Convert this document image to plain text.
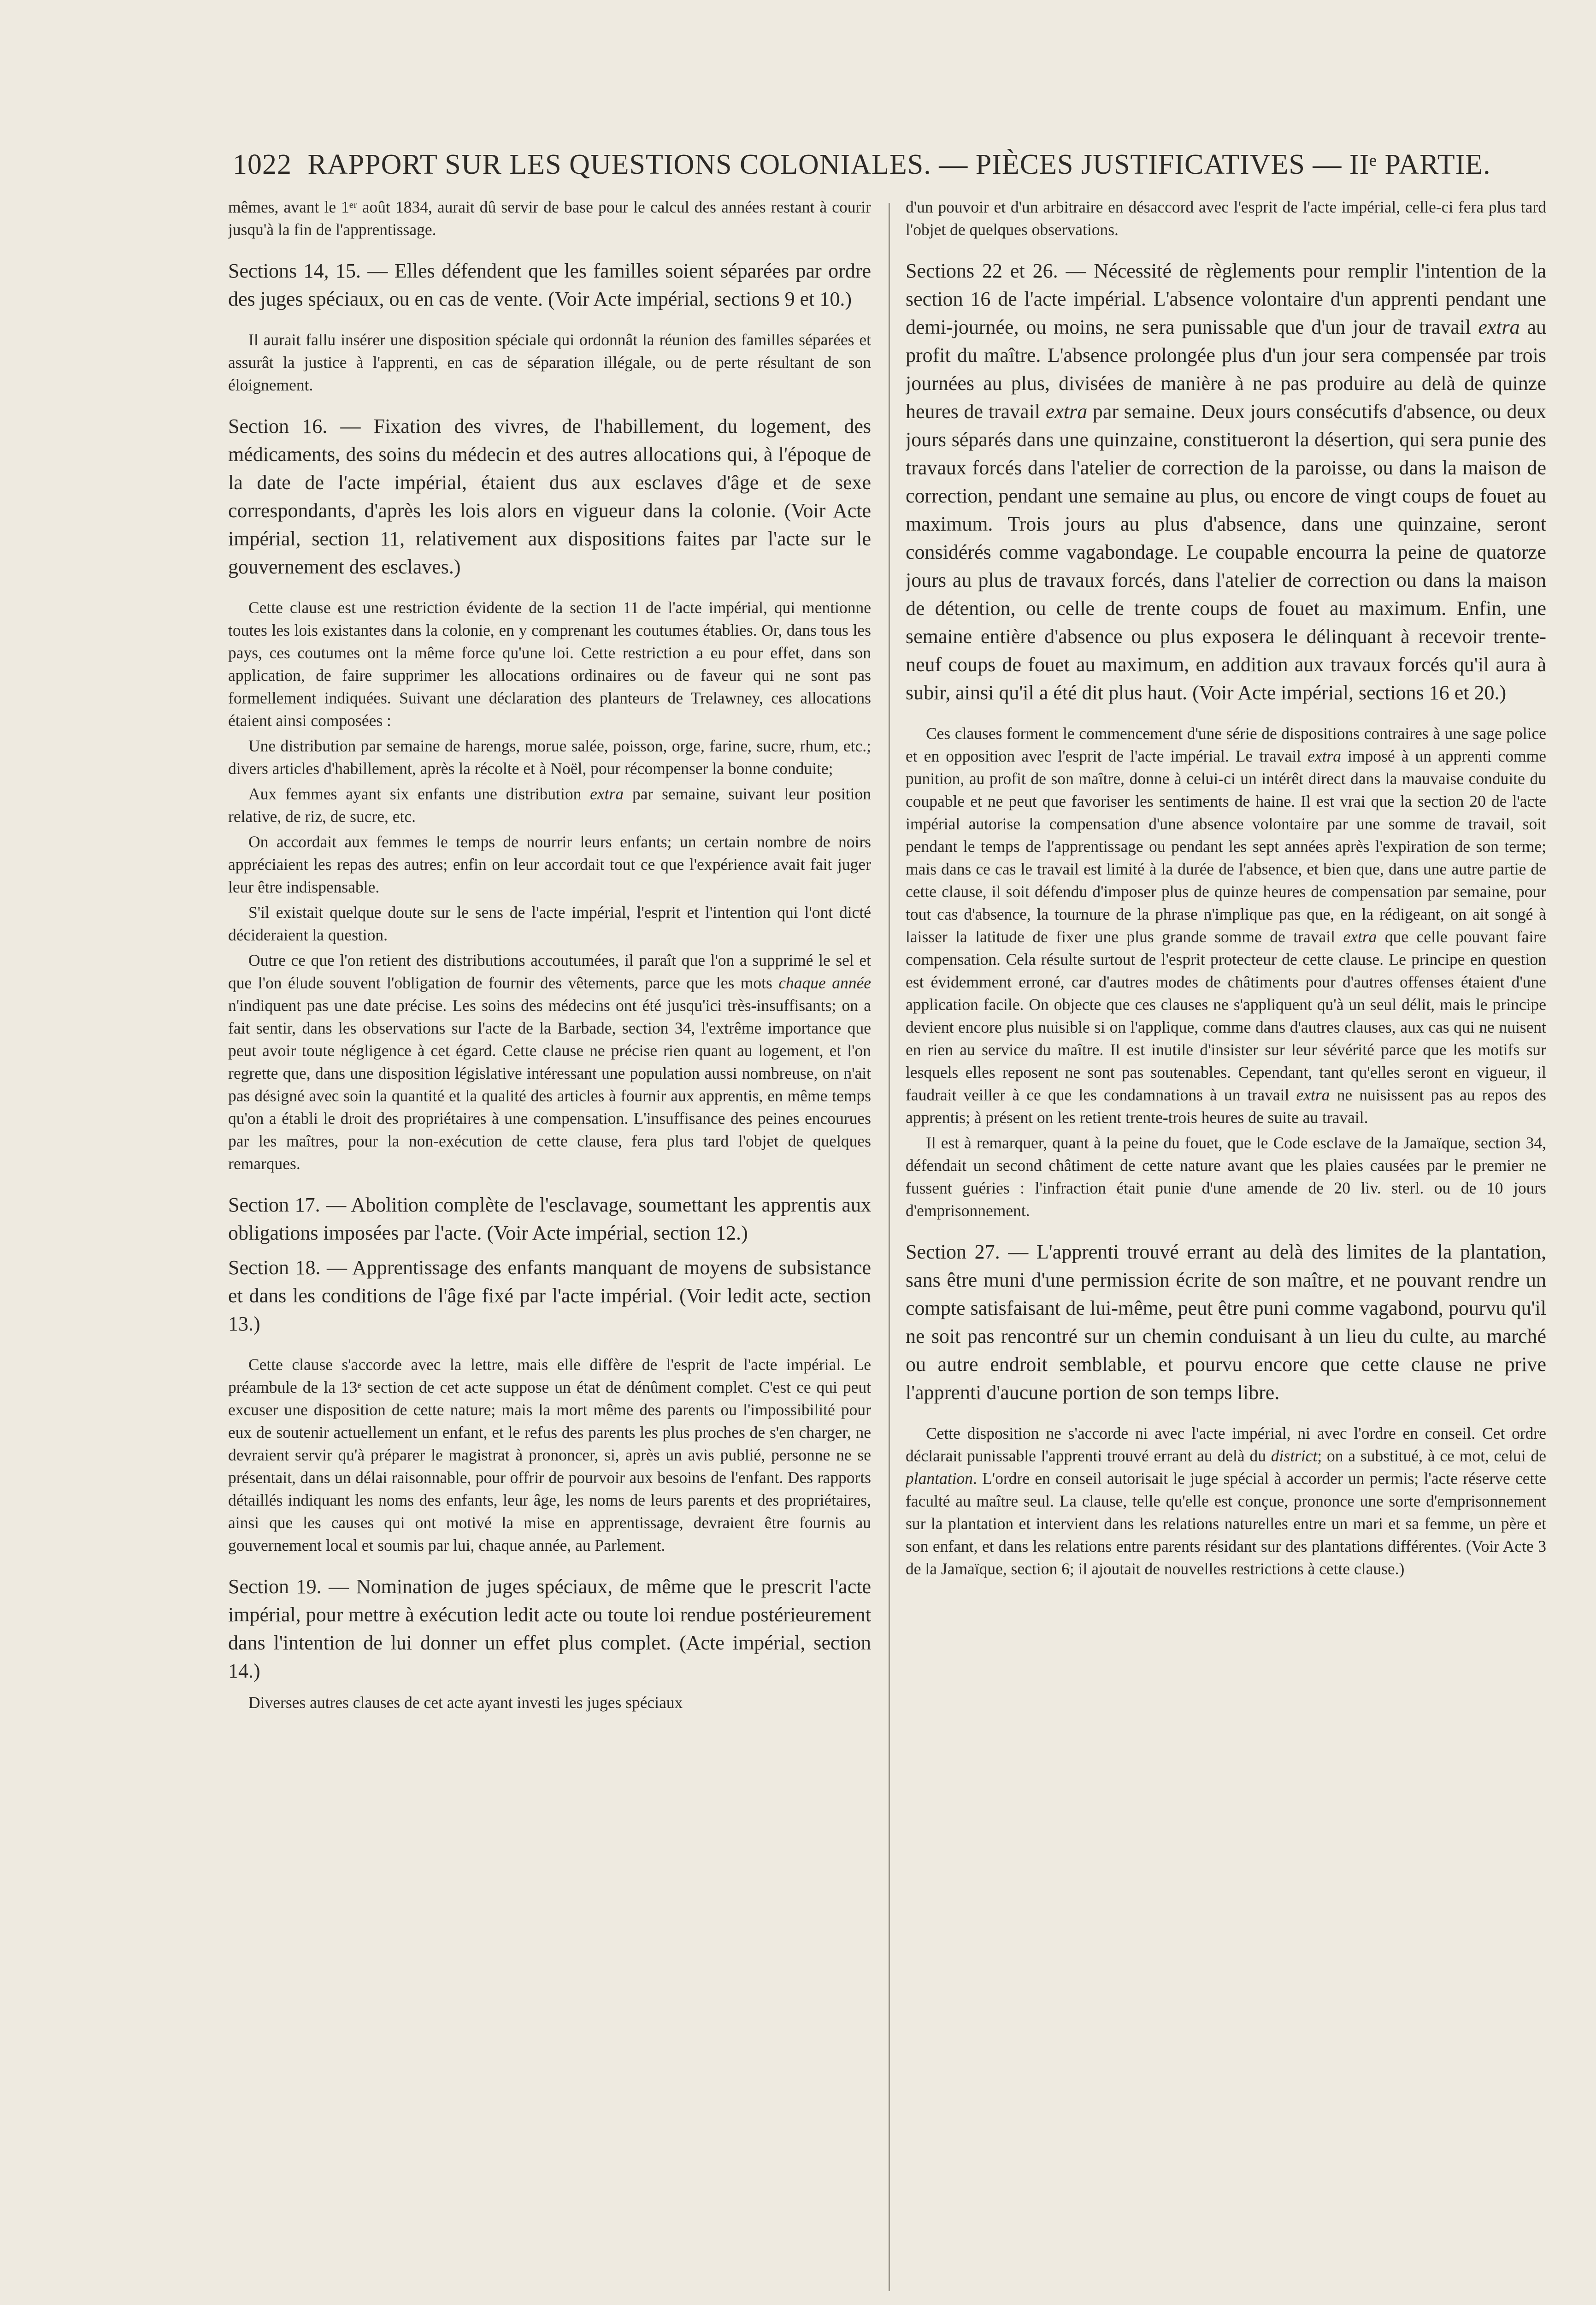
1022 RAPPORT SUR LES QUESTIONS COLONIALES. — PIÈCES JUSTIFICATIVES — IIᵉ PARTIE.

mêmes, avant le 1ᵉʳ août 1834, aurait dû servir de base pour le calcul des années restant à courir jusqu'à la fin de l'apprentissage.

Sections 14, 15. — Elles défendent que les familles soient séparées par ordre des juges spéciaux, ou en cas de vente. (Voir Acte impérial, sections 9 et 10.)

Il aurait fallu insérer une disposition spéciale qui ordonnât la réunion des familles séparées et assurât la justice à l'apprenti, en cas de séparation illégale, ou de perte résultant de son éloignement.

Section 16. — Fixation des vivres, de l'habillement, du logement, des médicaments, des soins du médecin et des autres allocations qui, à l'époque de la date de l'acte impérial, étaient dus aux esclaves d'âge et de sexe correspondants, d'après les lois alors en vigueur dans la colonie. (Voir Acte impérial, section 11, relativement aux dispositions faites par l'acte sur le gouvernement des esclaves.)

Cette clause est une restriction évidente de la section 11 de l'acte impérial, qui mentionne toutes les lois existantes dans la colonie, en y comprenant les coutumes établies. Or, dans tous les pays, ces coutumes ont la même force qu'une loi. Cette restriction a eu pour effet, dans son application, de faire supprimer les allocations ordinaires ou de faveur qui ne sont pas formellement indiquées. Suivant une déclaration des planteurs de Trelawney, ces allocations étaient ainsi composées :

Une distribution par semaine de harengs, morue salée, poisson, orge, farine, sucre, rhum, etc.; divers articles d'habillement, après la récolte et à Noël, pour récompenser la bonne conduite;

Aux femmes ayant six enfants une distribution extra par semaine, suivant leur position relative, de riz, de sucre, etc.

On accordait aux femmes le temps de nourrir leurs enfants; un certain nombre de noirs appréciaient les repas des autres; enfin on leur accordait tout ce que l'expérience avait fait juger leur être indispensable.

S'il existait quelque doute sur le sens de l'acte impérial, l'esprit et l'intention qui l'ont dicté décideraient la question.

Outre ce que l'on retient des distributions accoutumées, il paraît que l'on a supprimé le sel et que l'on élude souvent l'obligation de fournir des vêtements, parce que les mots chaque année n'indiquent pas une date précise. Les soins des médecins ont été jusqu'ici très-insuffisants; on a fait sentir, dans les observations sur l'acte de la Barbade, section 34, l'extrême importance que peut avoir toute négligence à cet égard. Cette clause ne précise rien quant au logement, et l'on regrette que, dans une disposition législative intéressant une population aussi nombreuse, on n'ait pas désigné avec soin la quantité et la qualité des articles à fournir aux apprentis, en même temps qu'on a établi le droit des propriétaires à une compensation. L'insuffisance des peines encourues par les maîtres, pour la non-exécution de cette clause, fera plus tard l'objet de quelques remarques.

Section 17. — Abolition complète de l'esclavage, soumettant les apprentis aux obligations imposées par l'acte. (Voir Acte impérial, section 12.)

Section 18. — Apprentissage des enfants manquant de moyens de subsistance et dans les conditions de l'âge fixé par l'acte impérial. (Voir ledit acte, section 13.)

Cette clause s'accorde avec la lettre, mais elle diffère de l'esprit de l'acte impérial. Le préambule de la 13ᵉ section de cet acte suppose un état de dénûment complet. C'est ce qui peut excuser une disposition de cette nature; mais la mort même des parents ou l'impossibilité pour eux de soutenir actuellement un enfant, et le refus des parents les plus proches de s'en charger, ne devraient servir qu'à préparer le magistrat à prononcer, si, après un avis publié, personne ne se présentait, dans un délai raisonnable, pour offrir de pourvoir aux besoins de l'enfant. Des rapports détaillés indiquant les noms des enfants, leur âge, les noms de leurs parents et des propriétaires, ainsi que les causes qui ont motivé la mise en apprentissage, devraient être fournis au gouvernement local et soumis par lui, chaque année, au Parlement.

Section 19. — Nomination de juges spéciaux, de même que le prescrit l'acte impérial, pour mettre à exécution ledit acte ou toute loi rendue postérieurement dans l'intention de lui donner un effet plus complet. (Acte impérial, section 14.)

Diverses autres clauses de cet acte ayant investi les juges spéciaux

d'un pouvoir et d'un arbitraire en désaccord avec l'esprit de l'acte impérial, celle-ci fera plus tard l'objet de quelques observations.

Sections 22 et 26. — Nécessité de règlements pour remplir l'intention de la section 16 de l'acte impérial. L'absence volontaire d'un apprenti pendant une demi-journée, ou moins, ne sera punissable que d'un jour de travail extra au profit du maître. L'absence prolongée plus d'un jour sera compensée par trois journées au plus, divisées de manière à ne pas produire au delà de quinze heures de travail extra par semaine. Deux jours consécutifs d'absence, ou deux jours séparés dans une quinzaine, constitueront la désertion, qui sera punie des travaux forcés dans l'atelier de correction de la paroisse, ou dans la maison de correction, pendant une semaine au plus, ou encore de vingt coups de fouet au maximum. Trois jours au plus d'absence, dans une quinzaine, seront considérés comme vagabondage. Le coupable encourra la peine de quatorze jours au plus de travaux forcés, dans l'atelier de correction ou dans la maison de détention, ou celle de trente coups de fouet au maximum. Enfin, une semaine entière d'absence ou plus exposera le délinquant à recevoir trente-neuf coups de fouet au maximum, en addition aux travaux forcés qu'il aura à subir, ainsi qu'il a été dit plus haut. (Voir Acte impérial, sections 16 et 20.)

Ces clauses forment le commencement d'une série de dispositions contraires à une sage police et en opposition avec l'esprit de l'acte impérial. Le travail extra imposé à un apprenti comme punition, au profit de son maître, donne à celui-ci un intérêt direct dans la mauvaise conduite du coupable et ne peut que favoriser les sentiments de haine. Il est vrai que la section 20 de l'acte impérial autorise la compensation d'une absence volontaire par une somme de travail, soit pendant le temps de l'apprentissage ou pendant les sept années après l'expiration de son terme; mais dans ce cas le travail est limité à la durée de l'absence, et bien que, dans une autre partie de cette clause, il soit défendu d'imposer plus de quinze heures de compensation par semaine, pour tout cas d'absence, la tournure de la phrase n'implique pas que, en la rédigeant, on ait songé à laisser la latitude de fixer une plus grande somme de travail extra que celle pouvant faire compensation. Cela résulte surtout de l'esprit protecteur de cette clause. Le principe en question est évidemment erroné, car d'autres modes de châtiments pour d'autres offenses étaient d'une application facile. On objecte que ces clauses ne s'appliquent qu'à un seul délit, mais le principe devient encore plus nuisible si on l'applique, comme dans d'autres clauses, aux cas qui ne nuisent en rien au service du maître. Il est inutile d'insister sur leur sévérité parce que les motifs sur lesquels elles reposent ne sont pas soutenables. Cependant, tant qu'elles seront en vigueur, il faudrait veiller à ce que les condamnations à un travail extra ne nuisissent pas au repos des apprentis; à présent on les retient trente-trois heures de suite au travail.

Il est à remarquer, quant à la peine du fouet, que le Code esclave de la Jamaïque, section 34, défendait un second châtiment de cette nature avant que les plaies causées par le premier ne fussent guéries : l'infraction était punie d'une amende de 20 liv. sterl. ou de 10 jours d'emprisonnement.

Section 27. — L'apprenti trouvé errant au delà des limites de la plantation, sans être muni d'une permission écrite de son maître, et ne pouvant rendre un compte satisfaisant de lui-même, peut être puni comme vagabond, pourvu qu'il ne soit pas rencontré sur un chemin conduisant à un lieu du culte, au marché ou autre endroit semblable, et pourvu encore que cette clause ne prive l'apprenti d'aucune portion de son temps libre.

Cette disposition ne s'accorde ni avec l'acte impérial, ni avec l'ordre en conseil. Cet ordre déclarait punissable l'apprenti trouvé errant au delà du district; on a substitué, à ce mot, celui de plantation. L'ordre en conseil autorisait le juge spécial à accorder un permis; l'acte réserve cette faculté au maître seul. La clause, telle qu'elle est conçue, prononce une sorte d'emprisonnement sur la plantation et intervient dans les relations naturelles entre un mari et sa femme, un père et son enfant, et dans les relations entre parents résidant sur des plantations différentes. (Voir Acte 3 de la Jamaïque, section 6; il ajoutait de nouvelles restrictions à cette clause.)
